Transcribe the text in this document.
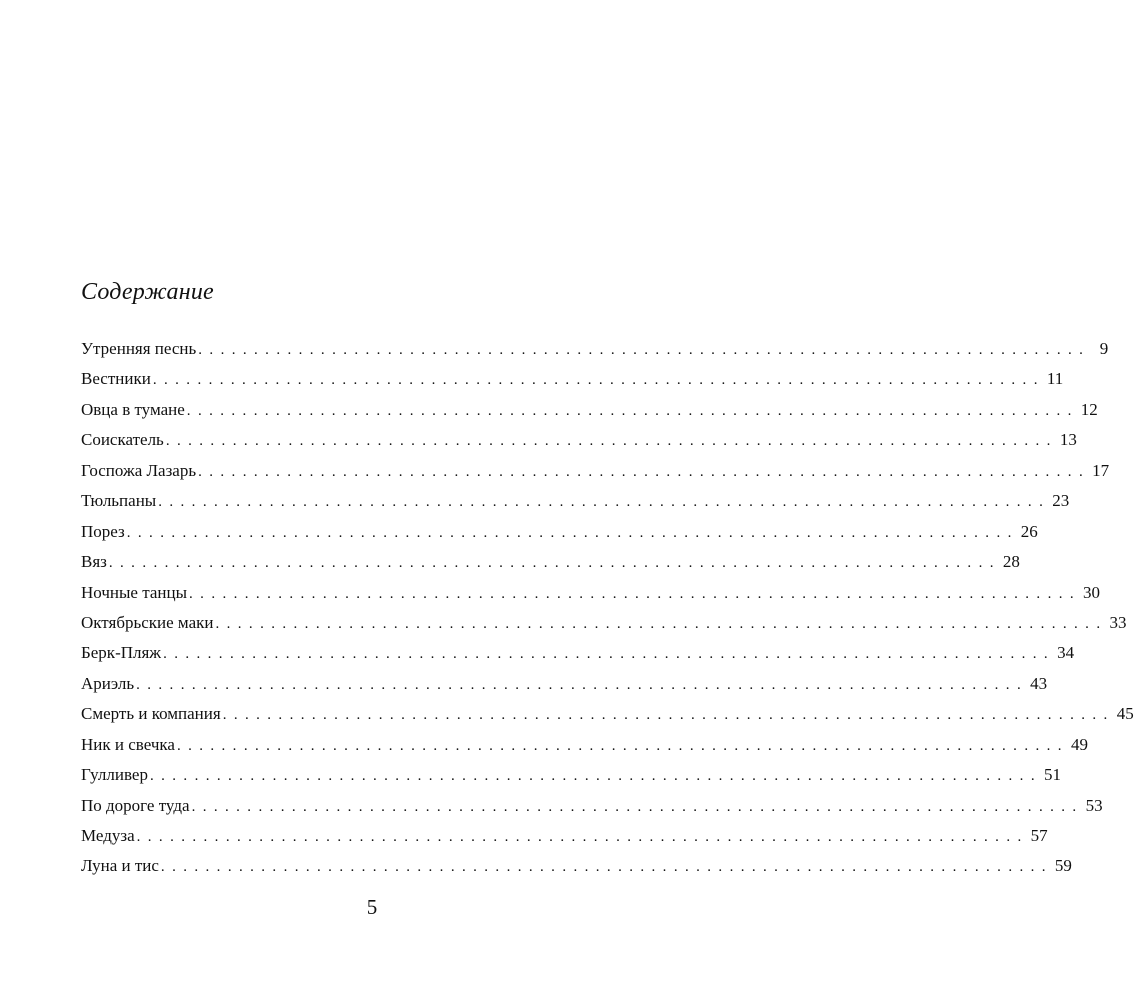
Содержание
Утренняя песнь ................................................................................ 9
Вестники ................................................................................ 11
Овца в тумане ................................................................................ 12
Соискатель ................................................................................ 13
Госпожа Лазарь ................................................................................ 17
Тюльпаны ................................................................................ 23
Порез ................................................................................ 26
Вяз ................................................................................ 28
Ночные танцы ................................................................................ 30
Октябрьские маки ................................................................................ 33
Берк-Пляж ................................................................................ 34
Ариэль ................................................................................ 43
Смерть и компания ................................................................................ 45
Ник и свечка ................................................................................ 49
Гулливер ................................................................................ 51
По дороге туда ................................................................................ 53
Медуза ................................................................................ 57
Луна и тис ................................................................................ 59
5
